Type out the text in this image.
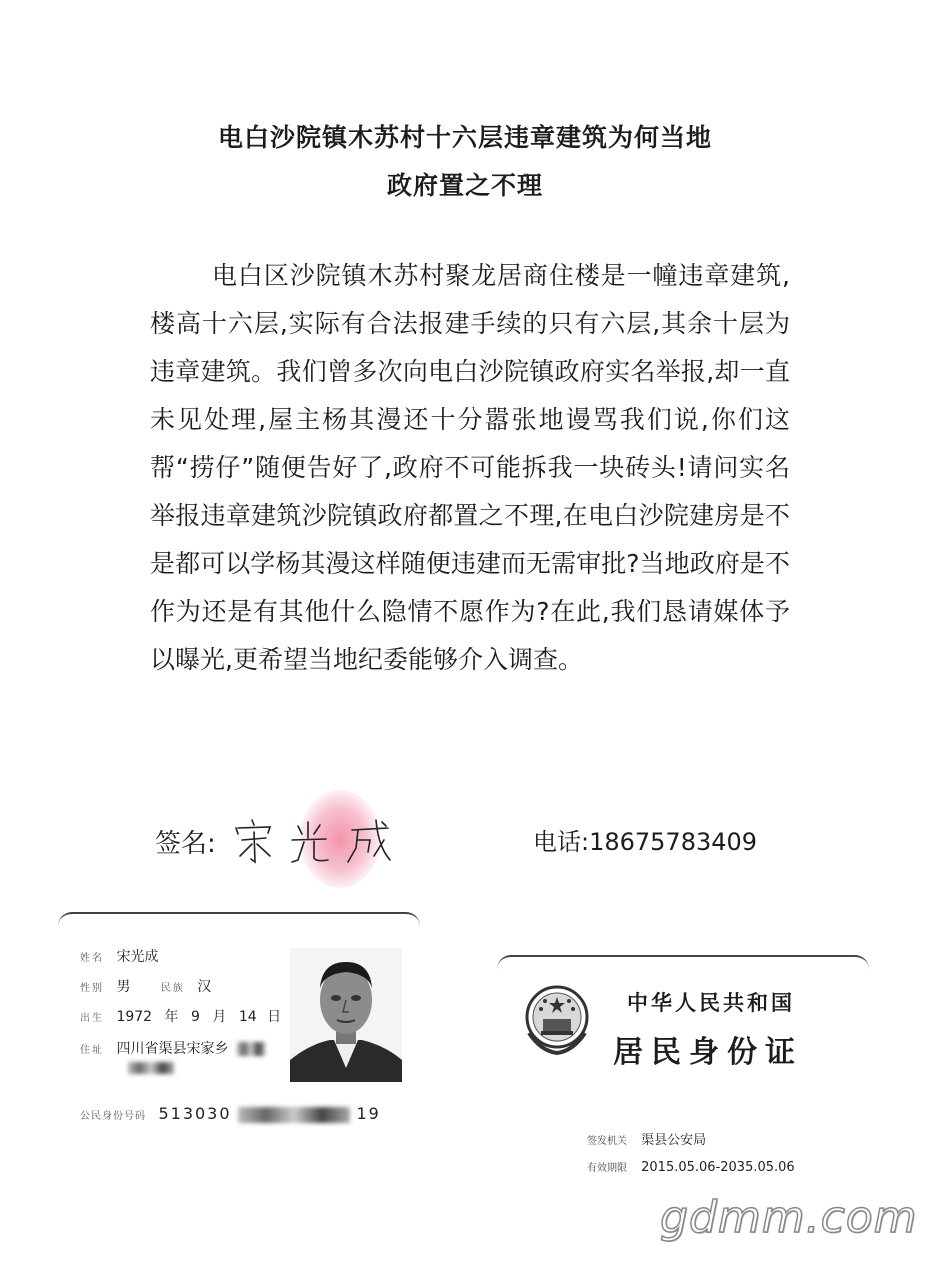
电白沙院镇木苏村十六层违章建筑为何当地
政府置之不理

电白区沙院镇木苏村聚龙居商住楼是一幢违章建筑,楼高十六层,实际有合法报建手续的只有六层,其余十层为违章建筑。我们曾多次向电白沙院镇政府实名举报,却一直未见处理,屋主杨其漫还十分嚣张地谩骂我们说,你们这帮“捞仔”随便告好了,政府不可能拆我一块砖头!请问实名举报违章建筑沙院镇政府都置之不理,在电白沙院建房是不是都可以学杨其漫这样随便违建而无需审批?当地政府是不作为还是有其他什么隐情不愿作为?在此,我们恳请媒体予以曝光,更希望当地纪委能够介入调查。

签名:	电话:18675783409
姓名 宋光成
性别 男	民族 汉
出生 1972 年 9 月 14 日
住址 四川省渠县宋家乡
公民身份号码 513030	19
中华人民共和国
居民身份证
签发机关 渠县公安局
有效期限 2015.05.06-2035.05.06
gdmm.com
